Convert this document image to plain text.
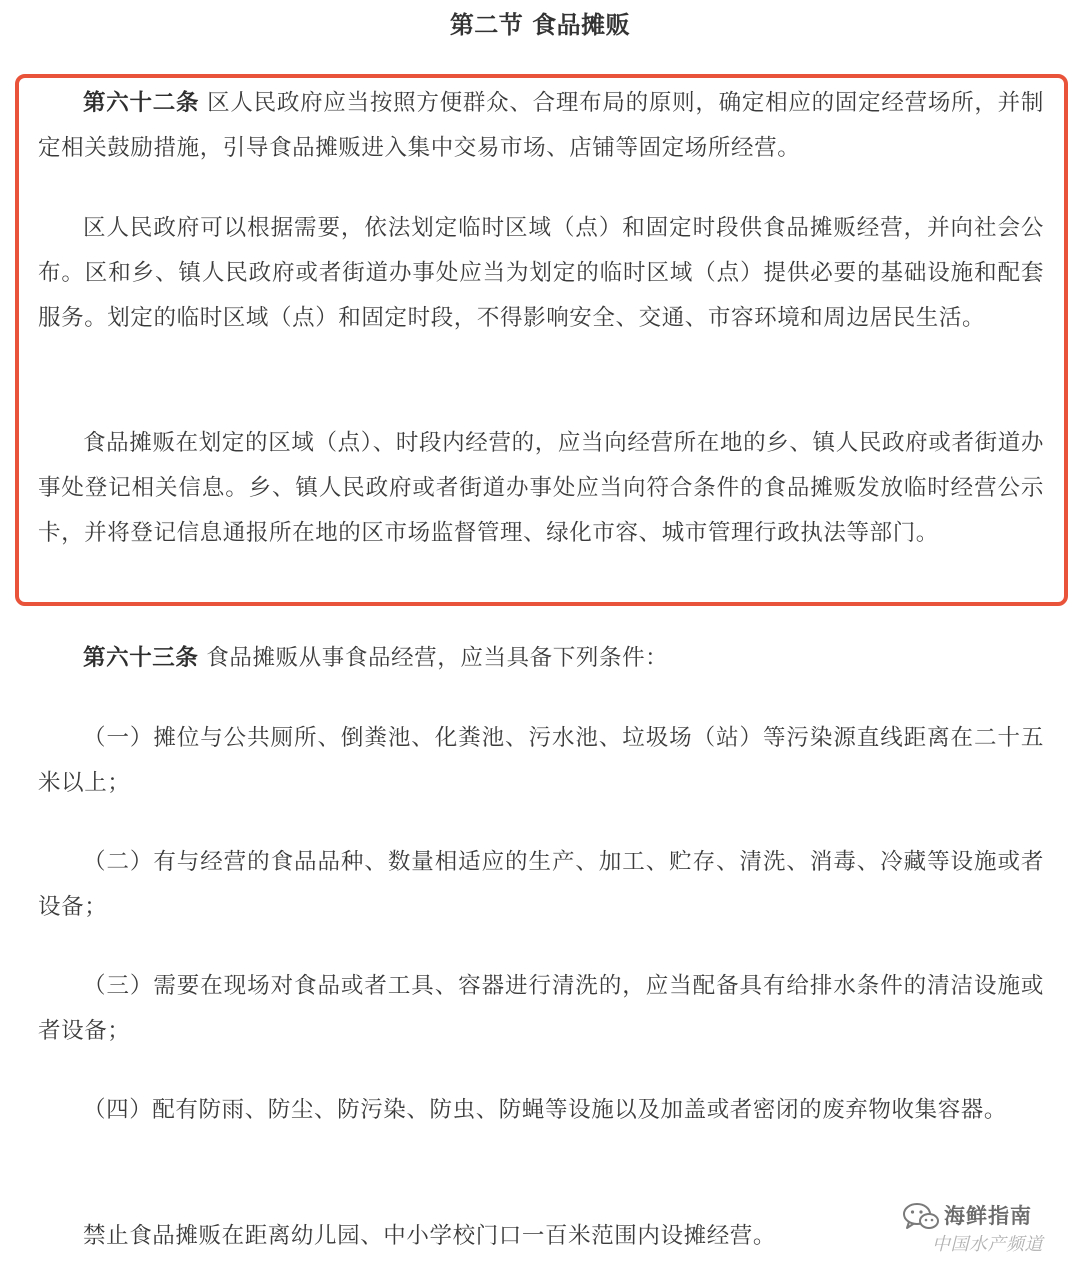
第二节 食品摊贩

第六十二条 区人民政府应当按照方便群众、合理布局的原则，确定相应的固定经营场所，并制定相关鼓励措施，引导食品摊贩进入集中交易市场、店铺等固定场所经营。

区人民政府可以根据需要，依法划定临时区域（点）和固定时段供食品摊贩经营，并向社会公布。区和乡、镇人民政府或者街道办事处应当为划定的临时区域（点）提供必要的基础设施和配套服务。划定的临时区域（点）和固定时段，不得影响安全、交通、市容环境和周边居民生活。

食品摊贩在划定的区域（点）、时段内经营的，应当向经营所在地的乡、镇人民政府或者街道办事处登记相关信息。乡、镇人民政府或者街道办事处应当向符合条件的食品摊贩发放临时经营公示卡，并将登记信息通报所在地的区市场监督管理、绿化市容、城市管理行政执法等部门。

第六十三条 食品摊贩从事食品经营，应当具备下列条件：

（一）摊位与公共厕所、倒粪池、化粪池、污水池、垃圾场（站）等污染源直线距离在二十五米以上；

（二）有与经营的食品品种、数量相适应的生产、加工、贮存、清洗、消毒、冷藏等设施或者设备；

（三）需要在现场对食品或者工具、容器进行清洗的，应当配备具有给排水条件的清洁设施或者设备；

（四）配有防雨、防尘、防污染、防虫、防蝇等设施以及加盖或者密闭的废弃物收集容器。

禁止食品摊贩在距离幼儿园、中小学校门口一百米范围内设摊经营。

海鲜指南
中国水产频道
